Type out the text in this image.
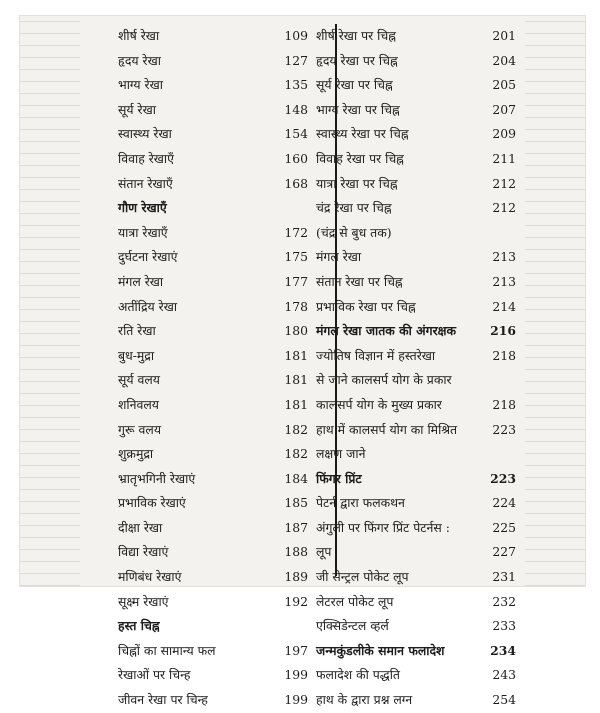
शीर्ष रेखा	109
हृदय रेखा	127
भाग्य रेखा	135
सूर्य रेखा	148
स्वास्थ्य रेखा	154
विवाह रेखाएँ	160
संतान रेखाएँ	168
गौण रेखाएँ
यात्रा रेखाएँ	172
दुर्घटना रेखाएं	175
मंगल रेखा	177
अतींद्रिय रेखा	178
रति रेखा	180
बुध-मुद्रा	181
सूर्य वलय	181
शनिवलय	181
गुरू वलय	182
शुक्रमुद्रा	182
भ्रातृभगिनी रेखाएं	184
प्रभाविक रेखाएं	185
दीक्षा रेखा	187
विद्या रेखाएं	188
मणिबंध रेखाएं	189
सूक्ष्म रेखाएं	192
हस्त चिह्न
चिह्नों का सामान्य फल	197
रेखाओं पर चिन्ह	199
जीवन रेखा पर चिन्ह	199
शीर्ष रेखा पर चिह्न	201
हृदय रेखा पर चिह्न	204
सूर्य रेखा पर चिह्न	205
भाग्य रेखा पर चिह्न	207
स्वास्थ्य रेखा पर चिह्न	209
विवाह रेखा पर चिह्न	211
यात्रा रेखा पर चिह्न	212
चंद्र रेखा पर चिह्न	212
(चंद्र से बुध तक)
मंगल रेखा	213
संतान रेखा पर चिह्न	213
प्रभाविक रेखा पर चिह्न	214
मंगल रेखा जातक की अंगरक्षक	216
ज्योतिष विज्ञान में हस्तरेखा	218
से जाने कालसर्प योग के प्रकार
कालसर्प योग के मुख्य प्रकार	218
हाथ में कालसर्प योग का मिश्रित	223
लक्षण जाने
फिंगर प्रिंट	223
पेटर्न द्वारा फलकथन	224
अंगुली पर फिंगर प्रिंट पेटर्नस :	225
लूप	227
जी सेन्ट्रल पोकेट लूप	231
लेटरल पोकेट लूप	232
एक्सिडेन्टल व्हर्ल	233
जन्मकुंडलीके समान फलादेश	234
फलादेश की पद्धति	243
हाथ के द्वारा प्रश्न लग्न	254
